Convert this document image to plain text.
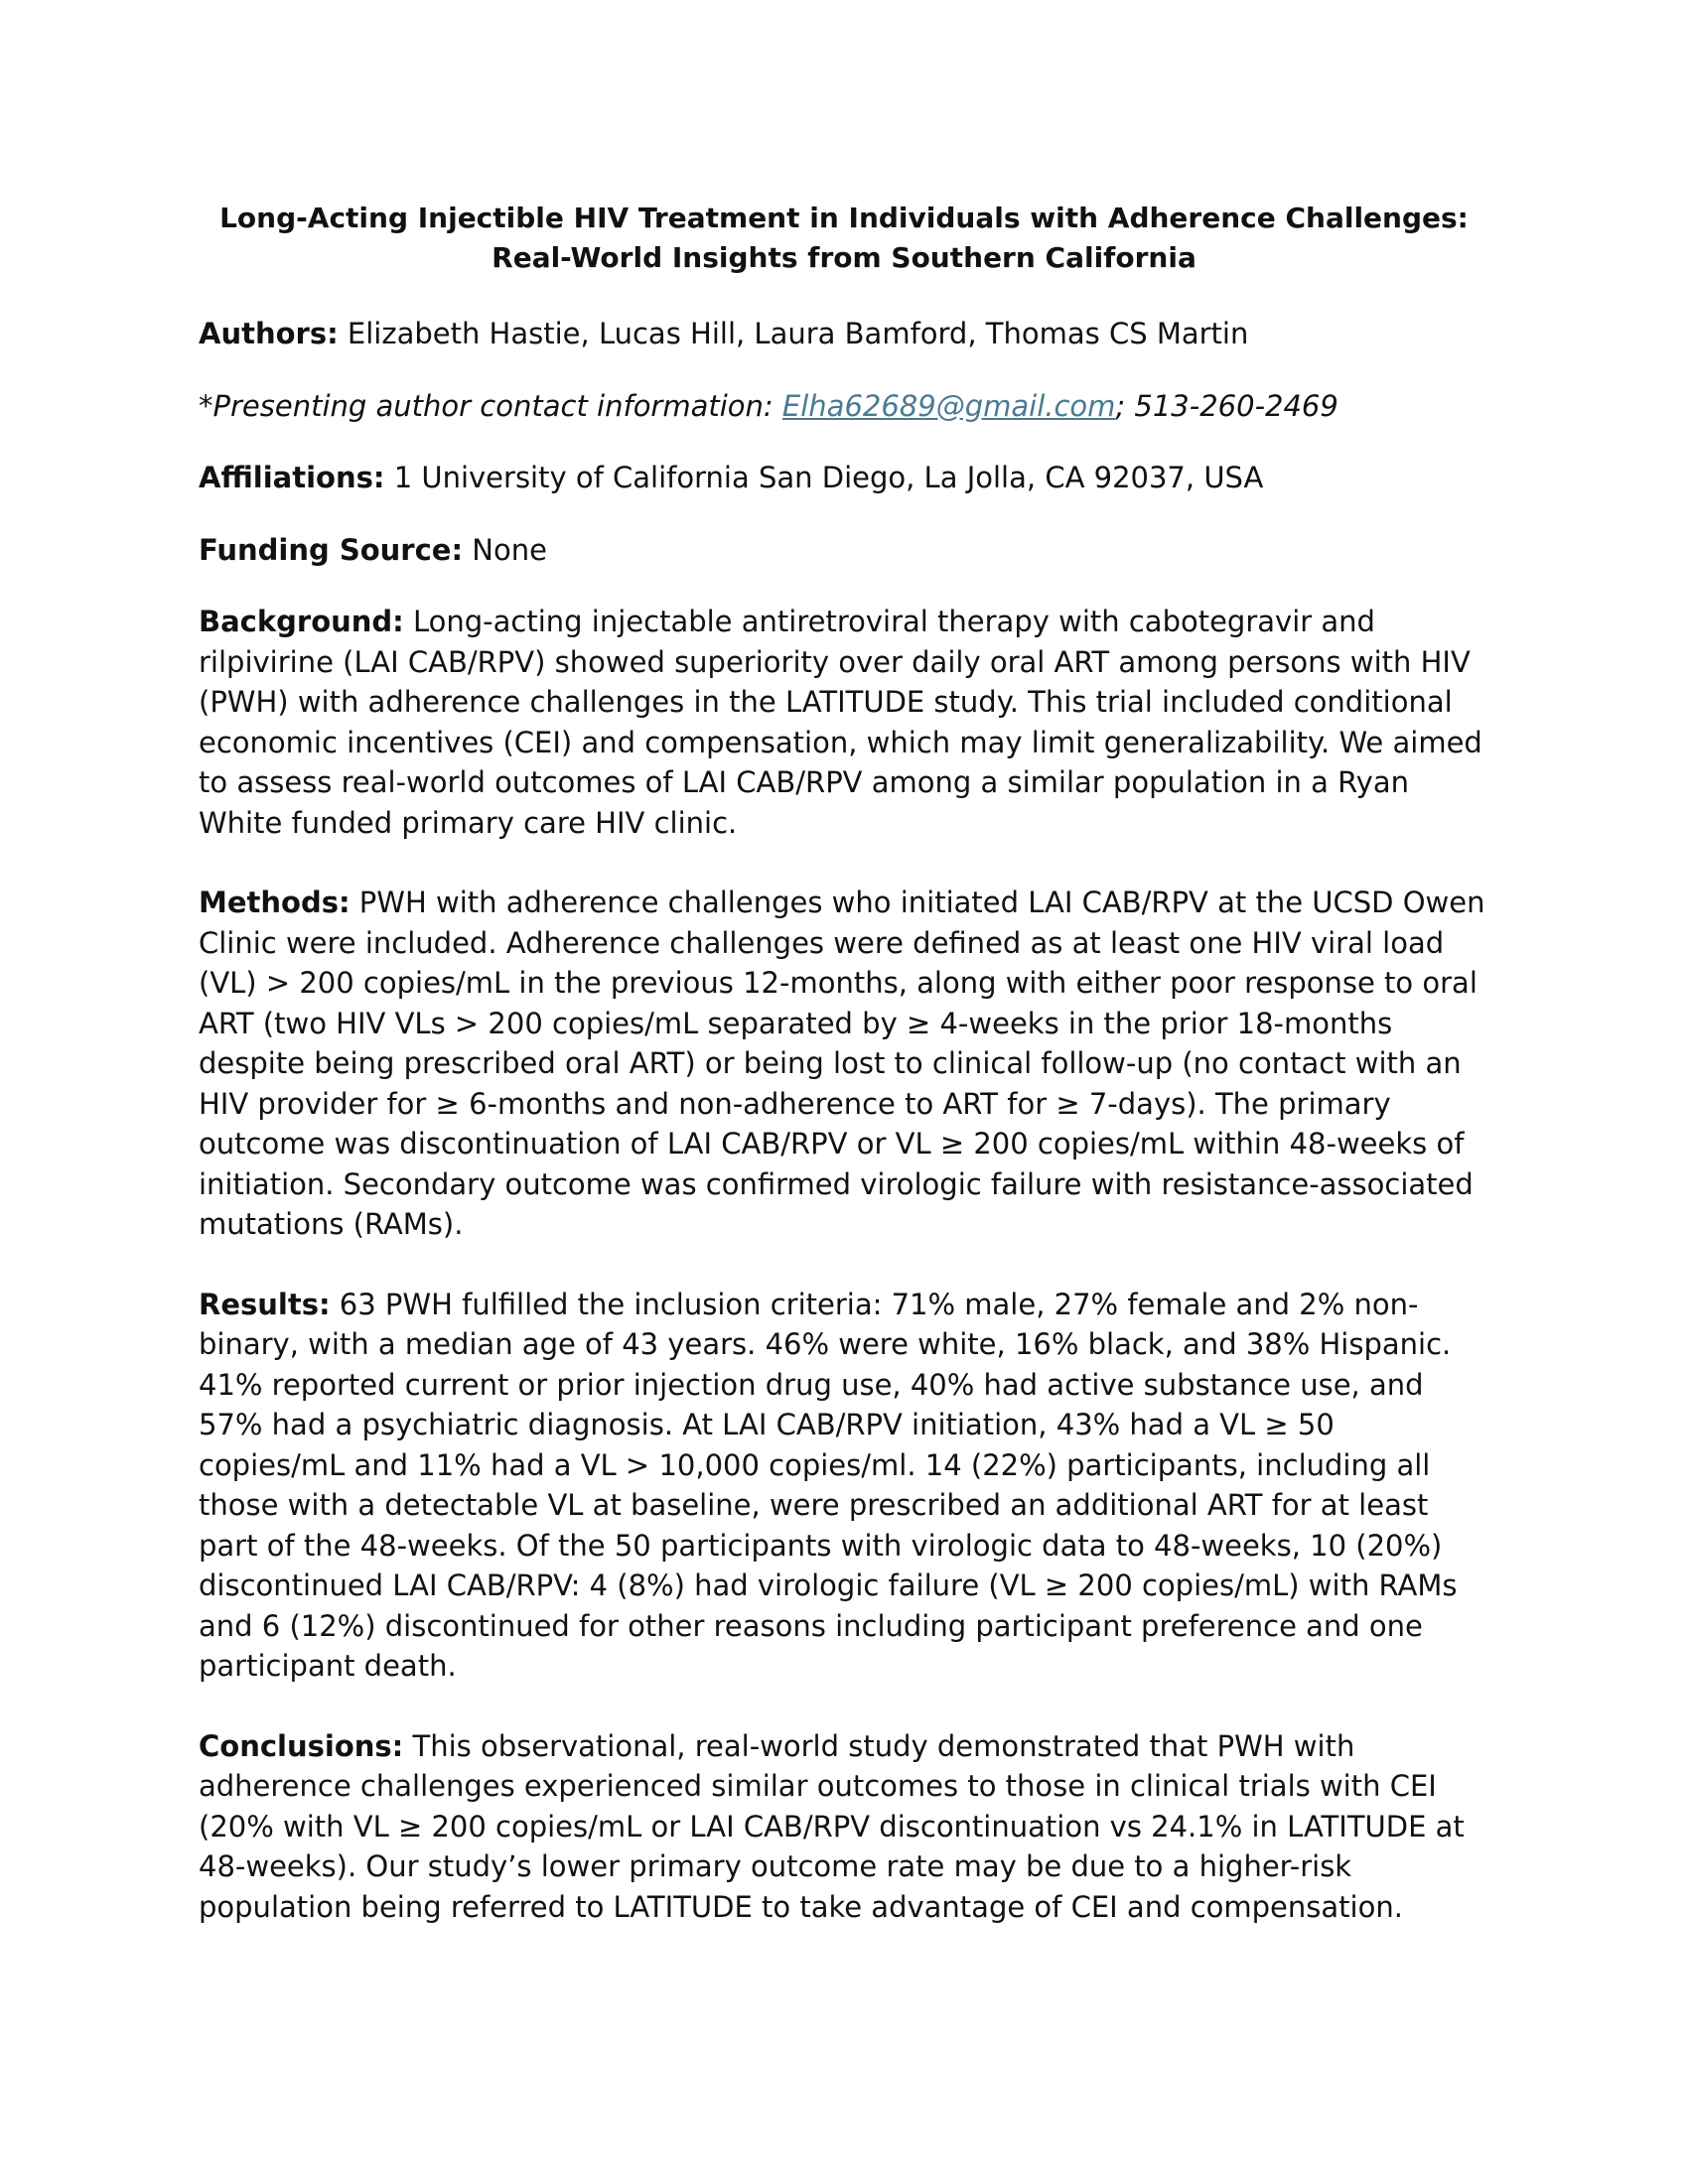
Long-Acting Injectible HIV Treatment in Individuals with Adherence Challenges: Real-World Insights from Southern California

Authors: Elizabeth Hastie, Lucas Hill, Laura Bamford, Thomas CS Martin

*Presenting author contact information: Elha62689@gmail.com; 513-260-2469

Affiliations: 1 University of California San Diego, La Jolla, CA 92037, USA

Funding Source: None

Background: Long-acting injectable antiretroviral therapy with cabotegravir and rilpivirine (LAI CAB/RPV) showed superiority over daily oral ART among persons with HIV (PWH) with adherence challenges in the LATITUDE study. This trial included conditional economic incentives (CEI) and compensation, which may limit generalizability. We aimed to assess real-world outcomes of LAI CAB/RPV among a similar population in a Ryan White funded primary care HIV clinic.

Methods: PWH with adherence challenges who initiated LAI CAB/RPV at the UCSD Owen Clinic were included. Adherence challenges were defined as at least one HIV viral load (VL) > 200 copies/mL in the previous 12-months, along with either poor response to oral ART (two HIV VLs > 200 copies/mL separated by ≥ 4-weeks in the prior 18-months despite being prescribed oral ART) or being lost to clinical follow-up (no contact with an HIV provider for ≥ 6-months and non-adherence to ART for ≥ 7-days). The primary outcome was discontinuation of LAI CAB/RPV or VL ≥ 200 copies/mL within 48-weeks of initiation. Secondary outcome was confirmed virologic failure with resistance-associated mutations (RAMs).

Results: 63 PWH fulfilled the inclusion criteria: 71% male, 27% female and 2% non-binary, with a median age of 43 years. 46% were white, 16% black, and 38% Hispanic. 41% reported current or prior injection drug use, 40% had active substance use, and 57% had a psychiatric diagnosis. At LAI CAB/RPV initiation, 43% had a VL ≥ 50 copies/mL and 11% had a VL > 10,000 copies/ml. 14 (22%) participants, including all those with a detectable VL at baseline, were prescribed an additional ART for at least part of the 48-weeks. Of the 50 participants with virologic data to 48-weeks, 10 (20%) discontinued LAI CAB/RPV: 4 (8%) had virologic failure (VL ≥ 200 copies/mL) with RAMs and 6 (12%) discontinued for other reasons including participant preference and one participant death.

Conclusions: This observational, real-world study demonstrated that PWH with adherence challenges experienced similar outcomes to those in clinical trials with CEI (20% with VL ≥ 200 copies/mL or LAI CAB/RPV discontinuation vs 24.1% in LATITUDE at 48-weeks). Our study’s lower primary outcome rate may be due to a higher-risk population being referred to LATITUDE to take advantage of CEI and compensation.
